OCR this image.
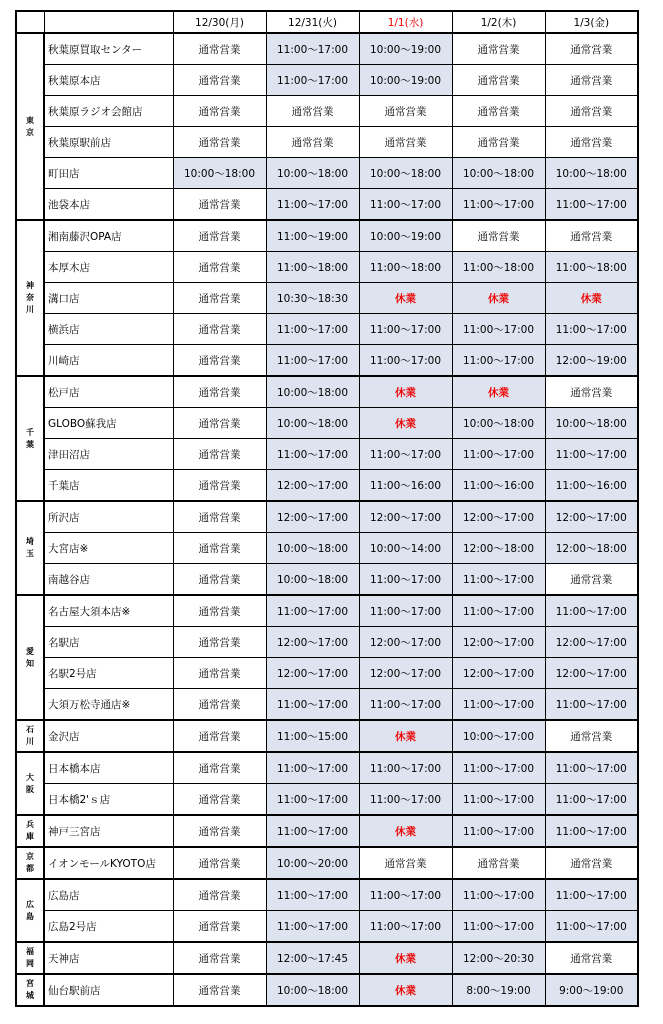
		12/30(月)	12/31(火)	1/1(水)	1/2(木)	1/3(金)

東
京	秋葉原買取センター	通常営業	11:00～17:00	10:00～19:00	通常営業	通常営業
	秋葉原本店	通常営業	11:00～17:00	10:00～19:00	通常営業	通常営業
	秋葉原ラジオ会館店	通常営業	通常営業	通常営業	通常営業	通常営業
	秋葉原駅前店	通常営業	通常営業	通常営業	通常営業	通常営業
	町田店	10:00～18:00	10:00～18:00	10:00～18:00	10:00～18:00	10:00～18:00
	池袋本店	通常営業	11:00～17:00	11:00～17:00	11:00～17:00	11:00～17:00

神
奈
川	湘南藤沢OPA店	通常営業	11:00～19:00	10:00～19:00	通常営業	通常営業
	本厚木店	通常営業	11:00～18:00	11:00～18:00	11:00～18:00	11:00～18:00
	溝口店	通常営業	10:30～18:30	休業	休業	休業
	横浜店	通常営業	11:00～17:00	11:00～17:00	11:00～17:00	11:00～17:00
	川崎店	通常営業	11:00～17:00	11:00～17:00	11:00～17:00	12:00～19:00

千
葉	松戸店	通常営業	10:00～18:00	休業	休業	通常営業
	GLOBO蘇我店	通常営業	10:00～18:00	休業	10:00～18:00	10:00～18:00
	津田沼店	通常営業	11:00～17:00	11:00～17:00	11:00～17:00	11:00～17:00
	千葉店	通常営業	12:00～17:00	11:00～16:00	11:00～16:00	11:00～16:00

埼
玉	所沢店	通常営業	12:00～17:00	12:00～17:00	12:00～17:00	12:00～17:00
	大宮店※	通常営業	10:00～18:00	10:00～14:00	12:00～18:00	12:00～18:00
	南越谷店	通常営業	10:00～18:00	11:00～17:00	11:00～17:00	通常営業

愛
知	名古屋大須本店※	通常営業	11:00～17:00	11:00～17:00	11:00～17:00	11:00～17:00
	名駅店	通常営業	12:00～17:00	12:00～17:00	12:00～17:00	12:00～17:00
	名駅2号店	通常営業	12:00～17:00	12:00～17:00	12:00～17:00	12:00～17:00
	大須万松寺通店※	通常営業	11:00～17:00	11:00～17:00	11:00～17:00	11:00～17:00

石
川	金沢店	通常営業	11:00～15:00	休業	10:00～17:00	通常営業

大
阪	日本橋本店	通常営業	11:00～17:00	11:00～17:00	11:00～17:00	11:00～17:00
	日本橋2'ｓ店	通常営業	11:00～17:00	11:00～17:00	11:00～17:00	11:00～17:00

兵
庫	神戸三宮店	通常営業	11:00～17:00	休業	11:00～17:00	11:00～17:00

京
都	イオンモールKYOTO店	通常営業	10:00～20:00	通常営業	通常営業	通常営業

広
島	広島店	通常営業	11:00～17:00	11:00～17:00	11:00～17:00	11:00～17:00
	広島2号店	通常営業	11:00～17:00	11:00～17:00	11:00～17:00	11:00～17:00

福
岡	天神店	通常営業	12:00～17:45	休業	12:00～20:30	通常営業

宮
城	仙台駅前店	通常営業	10:00～18:00	休業	8:00～19:00	9:00～19:00
